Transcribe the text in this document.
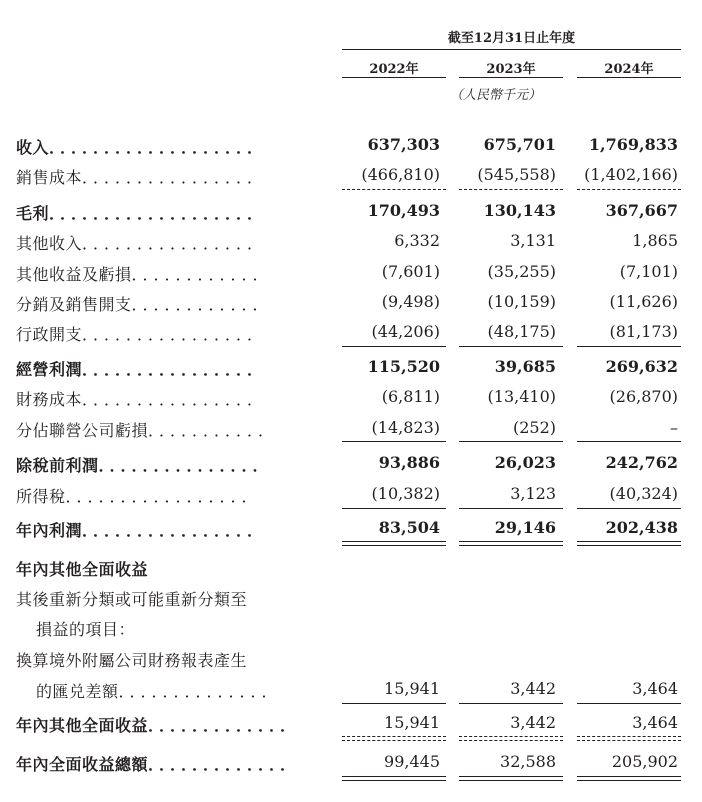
截至12月31日止年度
2022年	2023年	2024年
（人民幣千元）
收入．．．．．．．．．．．．．．．．．．．	637,303	675,701 1,769,833
銷售成本．．．．．．．．．．．．．．．．	(466,810) (545,558) (1,402,166)
毛利．．．．．．．．．．．．．．．．．．．	170,493	130,143	367,667
其他收入．．．．．．．．．．．．．．．．	6,332	3,131	1,865
其他收益及虧損．．．．．．．．．．．．	(7,601)	(35,255)	(7,101)
分銷及銷售開支．．．．．．．．．．．．	(9,498)	(10,159)	(11,626)
行政開支．．．．．．．．．．．．．．．．	(44,206)	(48,175)	(81,173)
經營利潤．．．．．．．．．．．．．．．．	115,520	39,685	269,632
財務成本．．．．．．．．．．．．．．．．	(6,811)	(13,410)	(26,870)
分佔聯營公司虧損．．．．．．．．．．．	(14,823)	(252)	–
除稅前利潤．．．．．．．．．．．．．．．	93,886	26,023	242,762
所得稅．．．．．．．．．．．．．．．．．	(10,382)	3,123	(40,324)
年內利潤．．．．．．．．．．．．．．．．	83,504	29,146	202,438
年內其他全面收益
其後重新分類或可能重新分類至
損益的項目：
換算境外附屬公司財務報表產生
的匯兑差額．．．．．．．．．．．．．．	15,941	3,442	3,464
年內其他全面收益．．．．．．．．．．．．．	15,941	3,442	3,464
年內全面收益總額．．．．．．．．．．．．．	99,445	32,588	205,902
